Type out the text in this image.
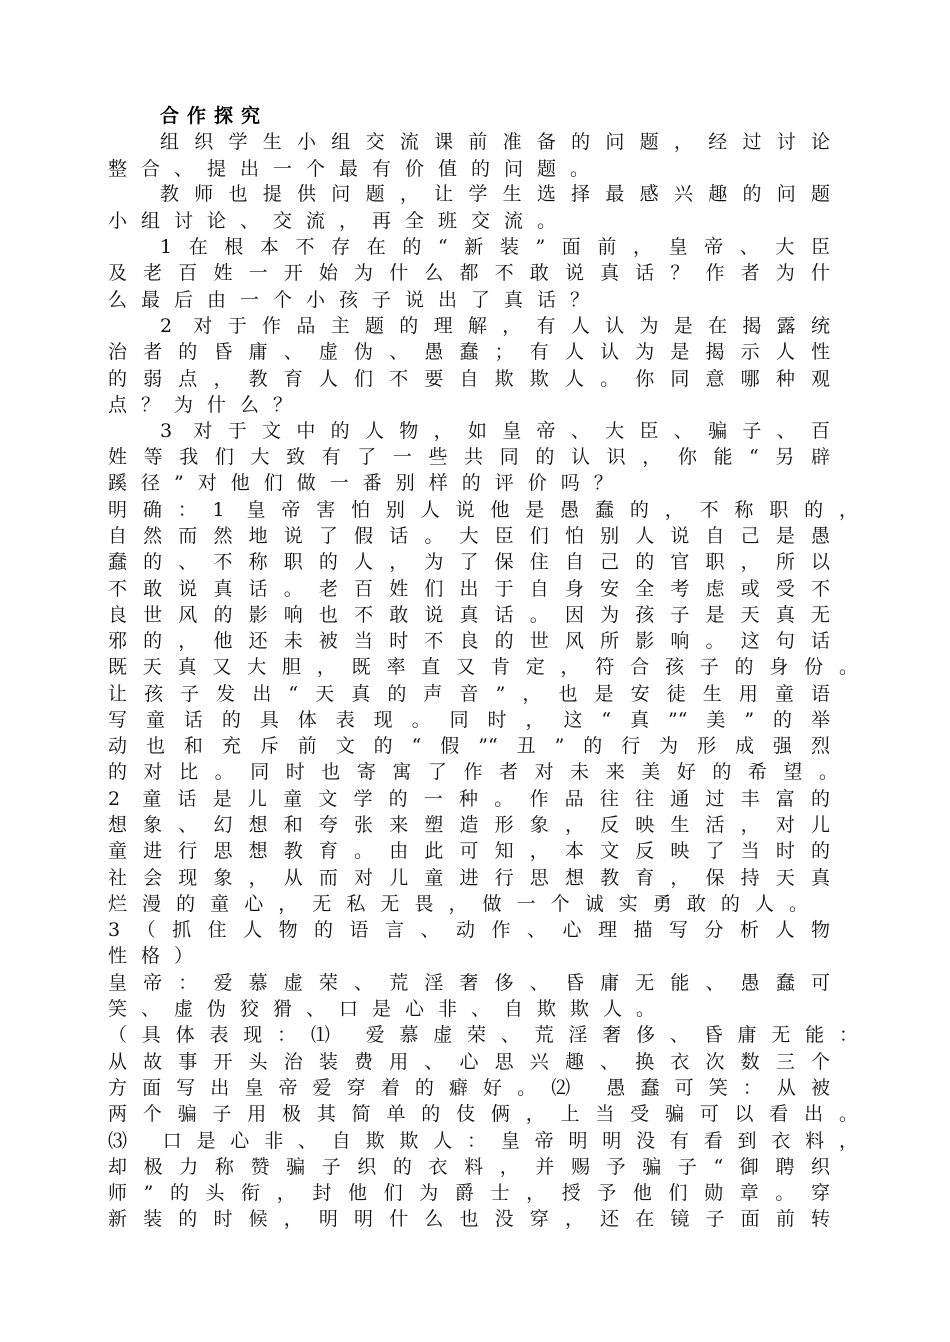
合作探究
组织学生小组交流课前准备的问题，经过讨论
整合、提出一个最有价值的问题。
教师也提供问题，让学生选择最感兴趣的问题
小组讨论、交流，再全班交流。
1在根本不存在的“新装”面前，皇帝、大臣
及老百姓一开始为什么都不敢说真话？作者为什
么最后由一个小孩子说出了真话？
2 对于作品主题的理解，有人认为是在揭露统
治者的昏庸、虚伪、愚蠢；有人认为是揭示人性
的弱点，教育人们不要自欺欺人。你同意哪种观
点？为什么？
3 对于文中的人物，如皇帝、大臣、骗子、百
姓等我们大致有了一些共同的认识，你能“另辟
蹊径”对他们做一番别样的评价吗？
明确：1 皇帝害怕别人说他是愚蠢的，不称职的，
自然而然地说了假话。大臣们怕别人说自己是愚
蠢的、不称职的人，为了保住自己的官职，所以
不敢说真话。老百姓们出于自身安全考虑或受不
良世风的影响也不敢说真话。因为孩子是天真无
邪的，他还未被当时不良的世风所影响。这句话
既天真又大胆，既率直又肯定，符合孩子的身份。
让孩子发出“天真的声音”，也是安徒生用童语
写童话的具体表现。同时，这“真”“美”的举
动也和充斥前文的“假”“丑”的行为形成强烈
的对比。同时也寄寓了作者对未来美好的希望。
2 童话是儿童文学的一种。作品往往通过丰富的
想象、幻想和夸张来塑造形象，反映生活，对儿
童进行思想教育。由此可知，本文反映了当时的
社会现象，从而对儿童进行思想教育，保持天真
烂漫的童心，无私无畏，做一个诚实勇敢的人。
3（抓住人物的语言、动作、心理描写分析人物
性格）
皇帝：爱慕虚荣、荒淫奢侈、昏庸无能、愚蠢可
笑、虚伪狡猾、口是心非、自欺欺人。
（具体表现：⑴ 爱慕虚荣、荒淫奢侈、昏庸无能：
从故事开头治装费用、心思兴趣、换衣次数三个
方面写出皇帝爱穿着的癖好。⑵ 愚蠢可笑：从被
两个骗子用极其简单的伎俩，上当受骗可以看出。
⑶ 口是心非、自欺欺人：皇帝明明没有看到衣料，
却极力称赞骗子织的衣料，并赐予骗子“御聘织
师”的头衔，封他们为爵士，授予他们勋章。穿
新装的时候，明明什么也没穿，还在镜子面前转
